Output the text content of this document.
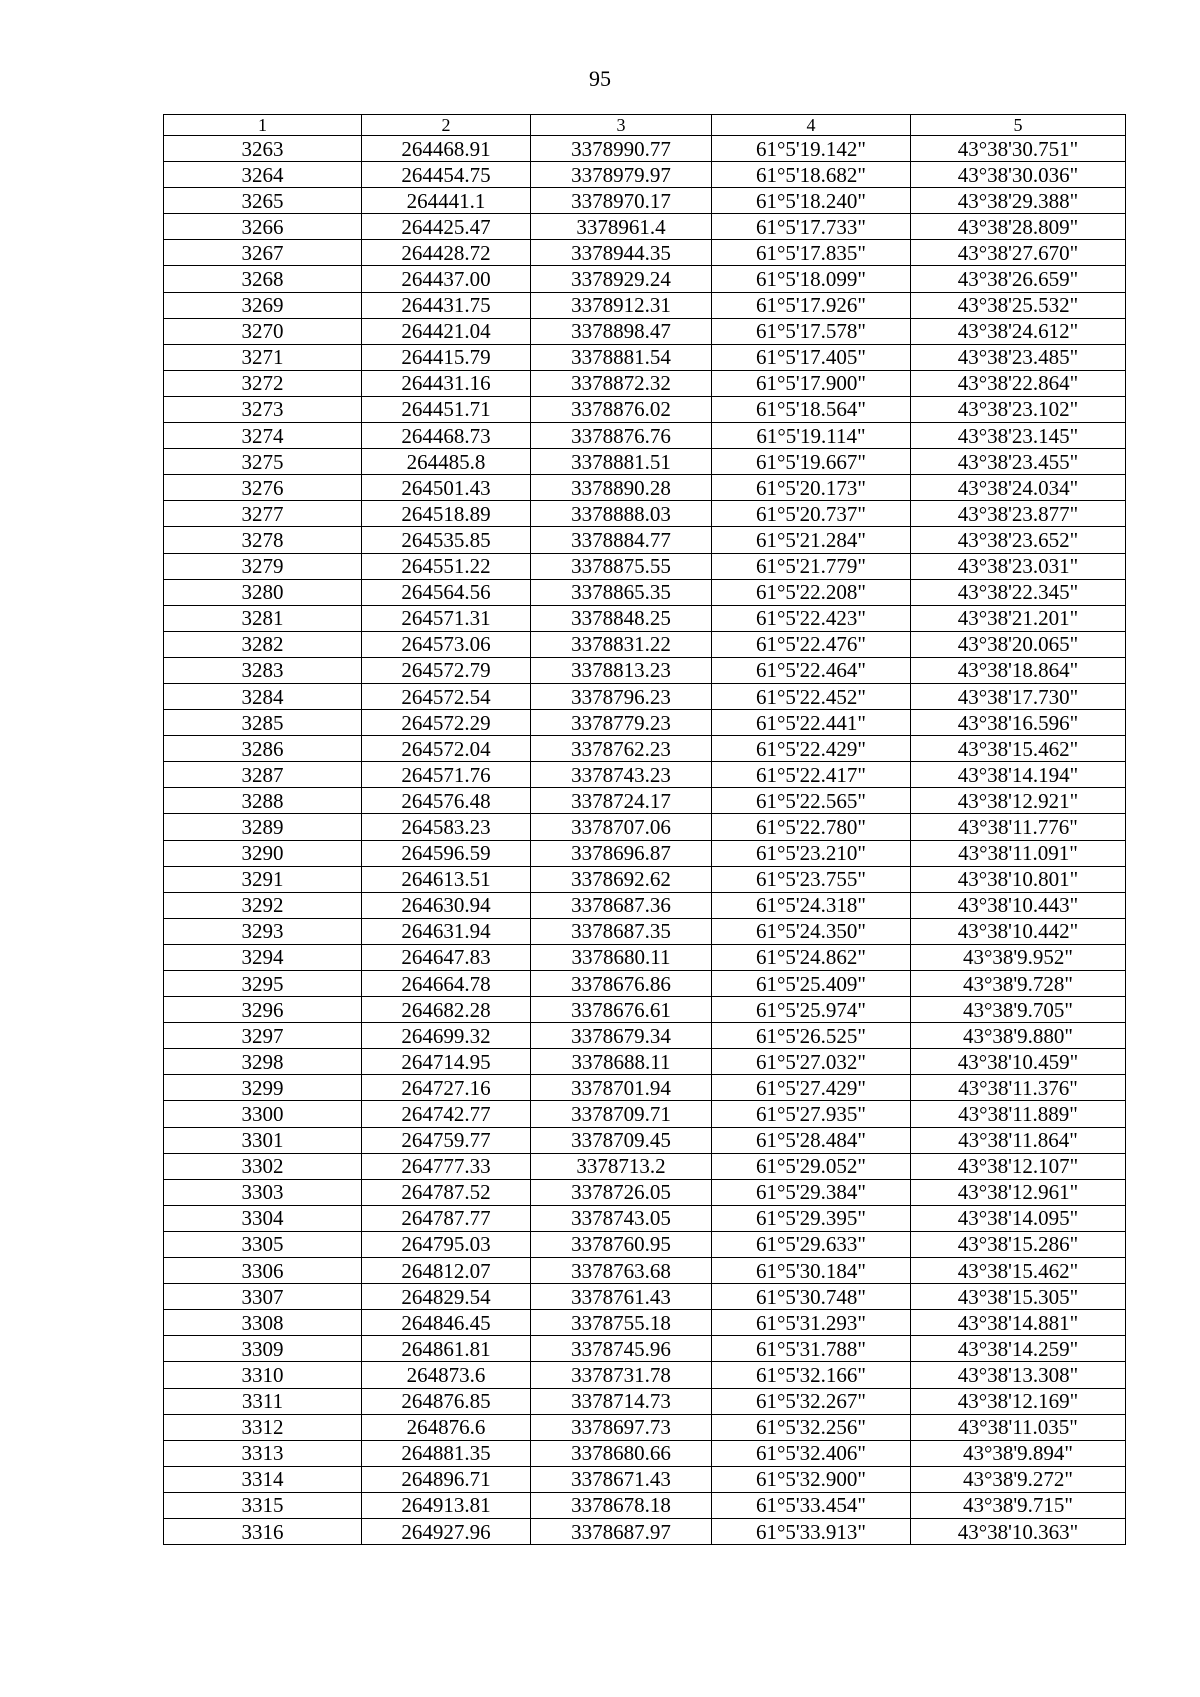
95
1	2	3	4	5
3263	264468.91	3378990.77	61°5'19.142"	43°38'30.751"
3264	264454.75	3378979.97	61°5'18.682"	43°38'30.036"
3265	264441.1	3378970.17	61°5'18.240"	43°38'29.388"
3266	264425.47	3378961.4	61°5'17.733"	43°38'28.809"
3267	264428.72	3378944.35	61°5'17.835"	43°38'27.670"
3268	264437.00	3378929.24	61°5'18.099"	43°38'26.659"
3269	264431.75	3378912.31	61°5'17.926"	43°38'25.532"
3270	264421.04	3378898.47	61°5'17.578"	43°38'24.612"
3271	264415.79	3378881.54	61°5'17.405"	43°38'23.485"
3272	264431.16	3378872.32	61°5'17.900"	43°38'22.864"
3273	264451.71	3378876.02	61°5'18.564"	43°38'23.102"
3274	264468.73	3378876.76	61°5'19.114"	43°38'23.145"
3275	264485.8	3378881.51	61°5'19.667"	43°38'23.455"
3276	264501.43	3378890.28	61°5'20.173"	43°38'24.034"
3277	264518.89	3378888.03	61°5'20.737"	43°38'23.877"
3278	264535.85	3378884.77	61°5'21.284"	43°38'23.652"
3279	264551.22	3378875.55	61°5'21.779"	43°38'23.031"
3280	264564.56	3378865.35	61°5'22.208"	43°38'22.345"
3281	264571.31	3378848.25	61°5'22.423"	43°38'21.201"
3282	264573.06	3378831.22	61°5'22.476"	43°38'20.065"
3283	264572.79	3378813.23	61°5'22.464"	43°38'18.864"
3284	264572.54	3378796.23	61°5'22.452"	43°38'17.730"
3285	264572.29	3378779.23	61°5'22.441"	43°38'16.596"
3286	264572.04	3378762.23	61°5'22.429"	43°38'15.462"
3287	264571.76	3378743.23	61°5'22.417"	43°38'14.194"
3288	264576.48	3378724.17	61°5'22.565"	43°38'12.921"
3289	264583.23	3378707.06	61°5'22.780"	43°38'11.776"
3290	264596.59	3378696.87	61°5'23.210"	43°38'11.091"
3291	264613.51	3378692.62	61°5'23.755"	43°38'10.801"
3292	264630.94	3378687.36	61°5'24.318"	43°38'10.443"
3293	264631.94	3378687.35	61°5'24.350"	43°38'10.442"
3294	264647.83	3378680.11	61°5'24.862"	43°38'9.952"
3295	264664.78	3378676.86	61°5'25.409"	43°38'9.728"
3296	264682.28	3378676.61	61°5'25.974"	43°38'9.705"
3297	264699.32	3378679.34	61°5'26.525"	43°38'9.880"
3298	264714.95	3378688.11	61°5'27.032"	43°38'10.459"
3299	264727.16	3378701.94	61°5'27.429"	43°38'11.376"
3300	264742.77	3378709.71	61°5'27.935"	43°38'11.889"
3301	264759.77	3378709.45	61°5'28.484"	43°38'11.864"
3302	264777.33	3378713.2	61°5'29.052"	43°38'12.107"
3303	264787.52	3378726.05	61°5'29.384"	43°38'12.961"
3304	264787.77	3378743.05	61°5'29.395"	43°38'14.095"
3305	264795.03	3378760.95	61°5'29.633"	43°38'15.286"
3306	264812.07	3378763.68	61°5'30.184"	43°38'15.462"
3307	264829.54	3378761.43	61°5'30.748"	43°38'15.305"
3308	264846.45	3378755.18	61°5'31.293"	43°38'14.881"
3309	264861.81	3378745.96	61°5'31.788"	43°38'14.259"
3310	264873.6	3378731.78	61°5'32.166"	43°38'13.308"
3311	264876.85	3378714.73	61°5'32.267"	43°38'12.169"
3312	264876.6	3378697.73	61°5'32.256"	43°38'11.035"
3313	264881.35	3378680.66	61°5'32.406"	43°38'9.894"
3314	264896.71	3378671.43	61°5'32.900"	43°38'9.272"
3315	264913.81	3378678.18	61°5'33.454"	43°38'9.715"
3316	264927.96	3378687.97	61°5'33.913"	43°38'10.363"
